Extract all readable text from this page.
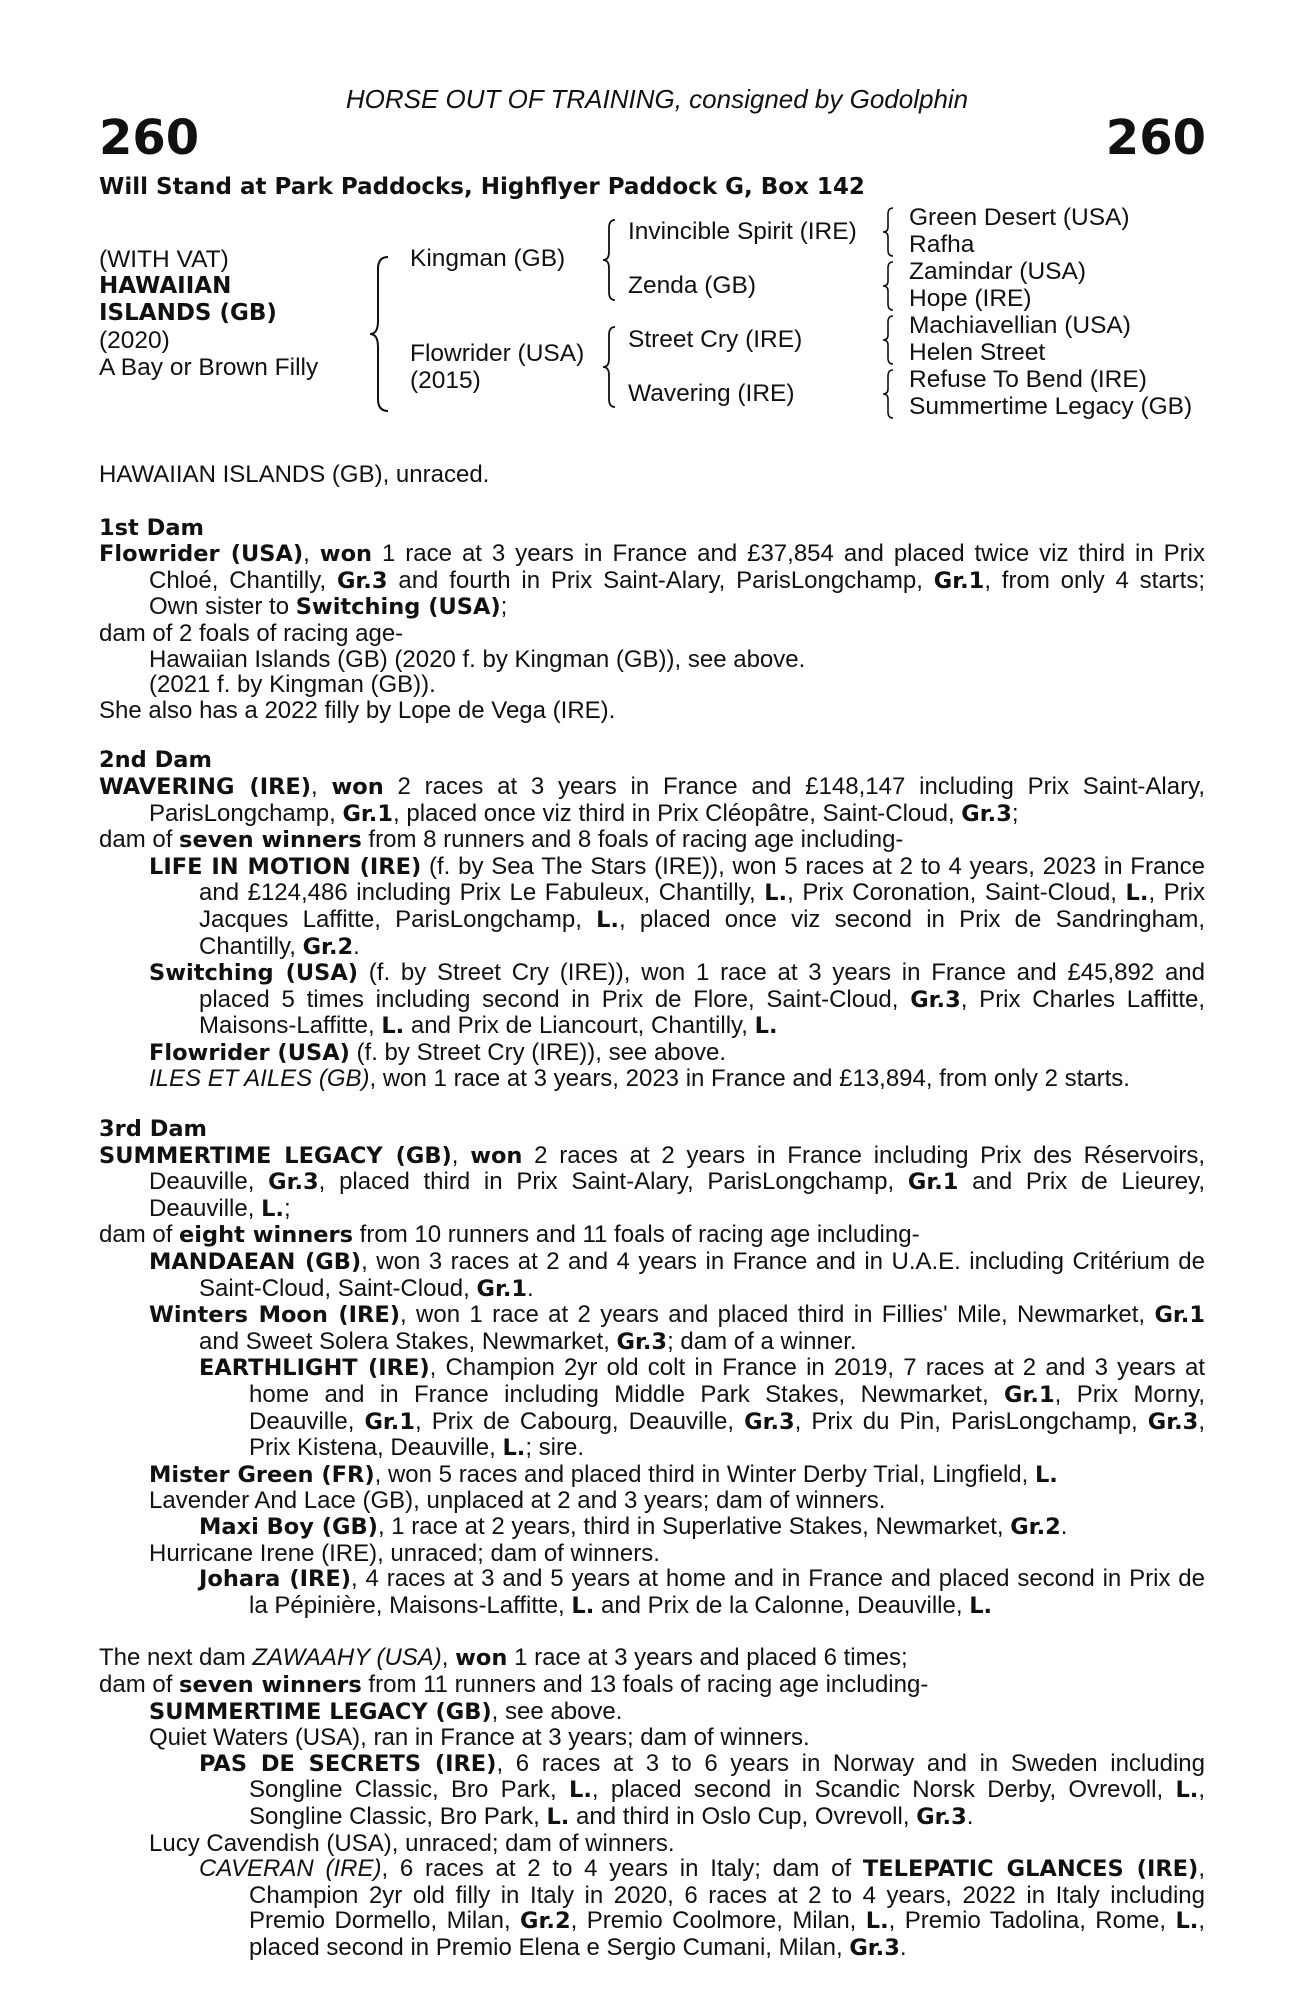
HORSE OUT OF TRAINING, consigned by Godolphin
260	260
Will Stand at Park Paddocks, Highflyer Paddock G, Box 142
(WITH VAT)
HAWAIIAN
ISLANDS (GB)
(2020)
A Bay or Brown Filly
Kingman (GB)
Flowrider (USA)
(2015)
Invincible Spirit (IRE)
Zenda (GB)
Street Cry (IRE)
Wavering (IRE)
Green Desert (USA)
Rafha
Zamindar (USA)
Hope (IRE)
Machiavellian (USA)
Helen Street
Refuse To Bend (IRE)
Summertime Legacy (GB)

HAWAIIAN ISLANDS (GB), unraced.

1st Dam

Flowrider (USA), won 1 race at 3 years in France and £37,854 and placed twice viz third in Prix Chloé, Chantilly, Gr.3 and fourth in Prix Saint-Alary, ParisLongchamp, Gr.1, from only 4 starts; Own sister to Switching (USA);

dam of 2 foals of racing age-

Hawaiian Islands (GB) (2020 f. by Kingman (GB)), see above.

(2021 f. by Kingman (GB)).

She also has a 2022 filly by Lope de Vega (IRE).

2nd Dam

WAVERING (IRE), won 2 races at 3 years in France and £148,147 including Prix Saint-Alary, ParisLongchamp, Gr.1, placed once viz third in Prix Cléopâtre, Saint-Cloud, Gr.3;

dam of seven winners from 8 runners and 8 foals of racing age including-

LIFE IN MOTION (IRE) (f. by Sea The Stars (IRE)), won 5 races at 2 to 4 years, 2023 in France and £124,486 including Prix Le Fabuleux, Chantilly, L., Prix Coronation, Saint-Cloud, L., Prix Jacques Laffitte, ParisLongchamp, L., placed once viz second in Prix de Sandringham, Chantilly, Gr.2.

Switching (USA) (f. by Street Cry (IRE)), won 1 race at 3 years in France and £45,892 and placed 5 times including second in Prix de Flore, Saint-Cloud, Gr.3, Prix Charles Laffitte, Maisons-Laffitte, L. and Prix de Liancourt, Chantilly, L.

Flowrider (USA) (f. by Street Cry (IRE)), see above.

ILES ET AILES (GB), won 1 race at 3 years, 2023 in France and £13,894, from only 2 starts.

3rd Dam

SUMMERTIME LEGACY (GB), won 2 races at 2 years in France including Prix des Réservoirs, Deauville, Gr.3, placed third in Prix Saint-Alary, ParisLongchamp, Gr.1 and Prix de Lieurey, Deauville, L.;

dam of eight winners from 10 runners and 11 foals of racing age including-

MANDAEAN (GB), won 3 races at 2 and 4 years in France and in U.A.E. including Critérium de Saint-Cloud, Saint-Cloud, Gr.1.

Winters Moon (IRE), won 1 race at 2 years and placed third in Fillies' Mile, Newmarket, Gr.1 and Sweet Solera Stakes, Newmarket, Gr.3; dam of a winner.

EARTHLIGHT (IRE), Champion 2yr old colt in France in 2019, 7 races at 2 and 3 years at home and in France including Middle Park Stakes, Newmarket, Gr.1, Prix Morny, Deauville, Gr.1, Prix de Cabourg, Deauville, Gr.3, Prix du Pin, ParisLongchamp, Gr.3, Prix Kistena, Deauville, L.; sire.

Mister Green (FR), won 5 races and placed third in Winter Derby Trial, Lingfield, L.

Lavender And Lace (GB), unplaced at 2 and 3 years; dam of winners.

Maxi Boy (GB), 1 race at 2 years, third in Superlative Stakes, Newmarket, Gr.2.

Hurricane Irene (IRE), unraced; dam of winners.

Johara (IRE), 4 races at 3 and 5 years at home and in France and placed second in Prix de la Pépinière, Maisons-Laffitte, L. and Prix de la Calonne, Deauville, L.

The next dam ZAWAAHY (USA), won 1 race at 3 years and placed 6 times;

dam of seven winners from 11 runners and 13 foals of racing age including-

SUMMERTIME LEGACY (GB), see above.

Quiet Waters (USA), ran in France at 3 years; dam of winners.

PAS DE SECRETS (IRE), 6 races at 3 to 6 years in Norway and in Sweden including Songline Classic, Bro Park, L., placed second in Scandic Norsk Derby, Ovrevoll, L., Songline Classic, Bro Park, L. and third in Oslo Cup, Ovrevoll, Gr.3.

Lucy Cavendish (USA), unraced; dam of winners.

CAVERAN (IRE), 6 races at 2 to 4 years in Italy; dam of TELEPATIC GLANCES (IRE), Champion 2yr old filly in Italy in 2020, 6 races at 2 to 4 years, 2022 in Italy including Premio Dormello, Milan, Gr.2, Premio Coolmore, Milan, L., Premio Tadolina, Rome, L., placed second in Premio Elena e Sergio Cumani, Milan, Gr.3.
